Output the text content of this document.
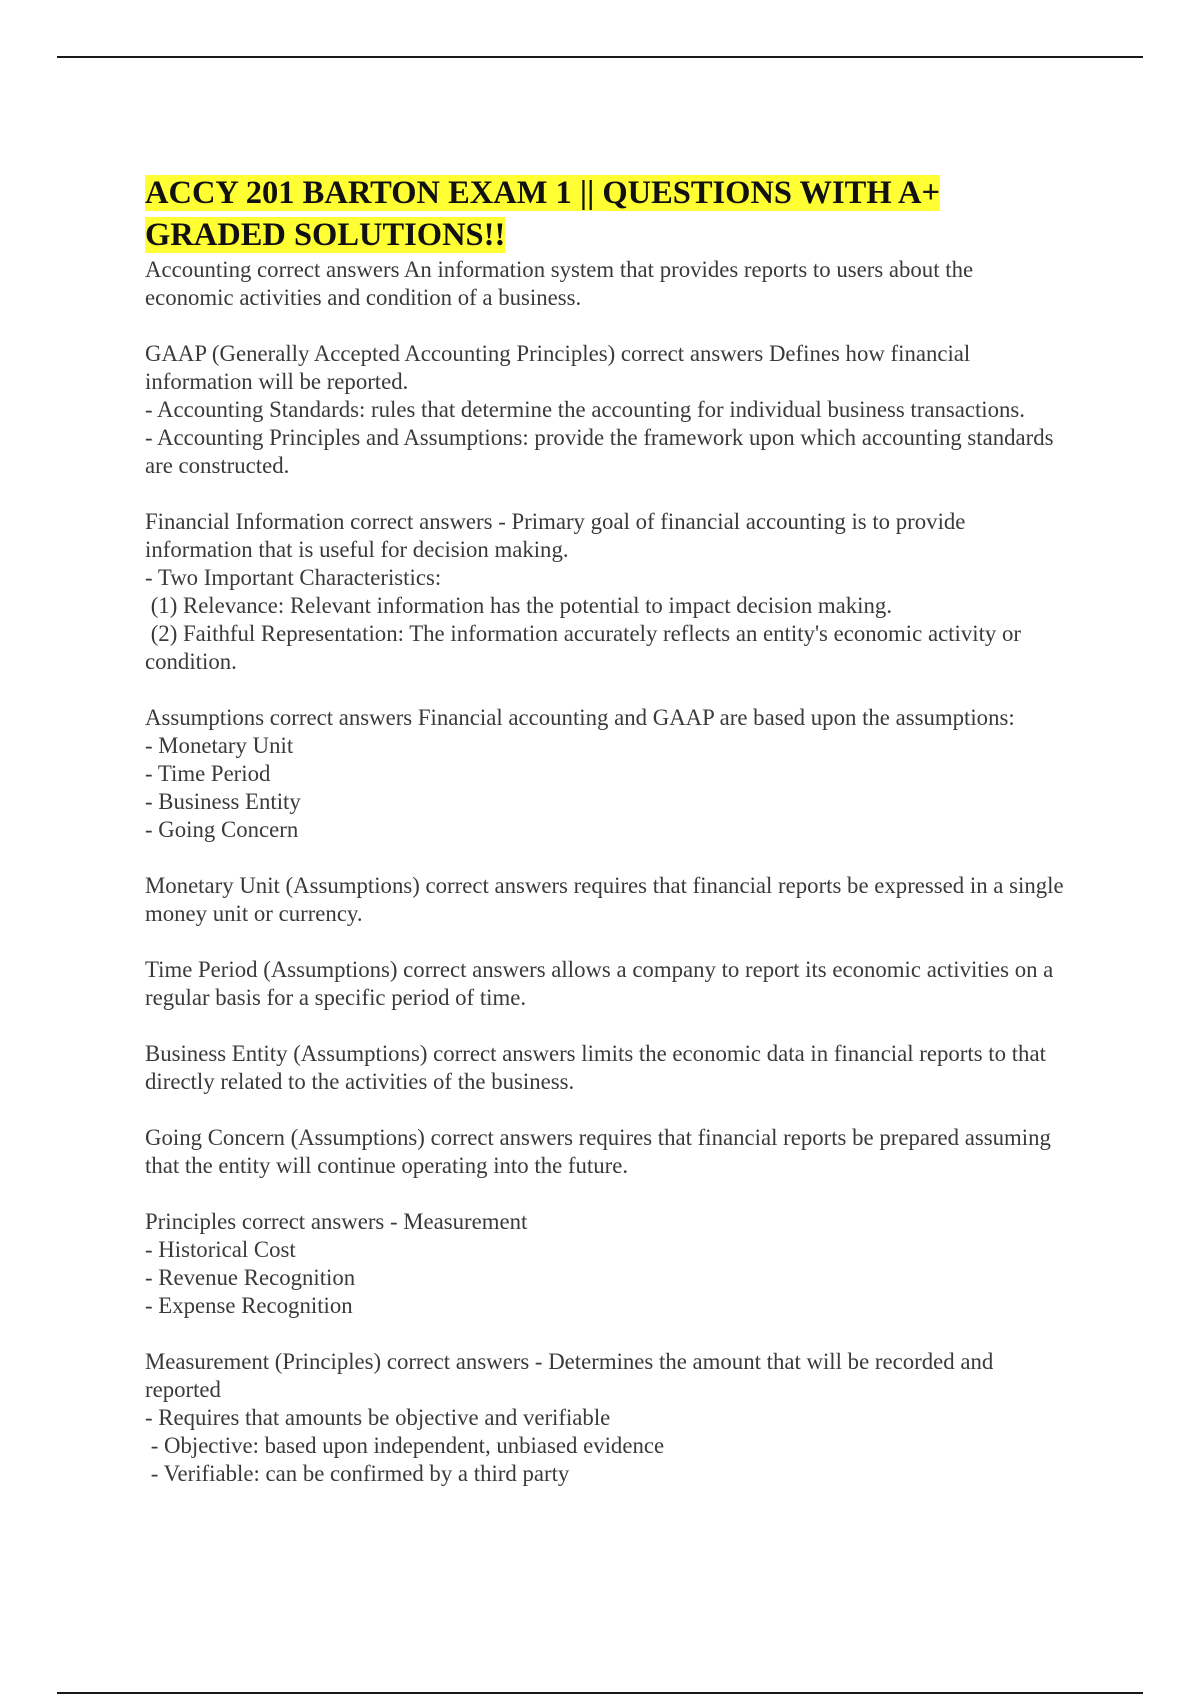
ACCY 201 BARTON EXAM 1 || QUESTIONS WITH A+ GRADED SOLUTIONS!!

Accounting correct answers An information system that provides reports to users about the economic activities and condition of a business.

GAAP (Generally Accepted Accounting Principles) correct answers Defines how financial information will be reported.

- Accounting Standards: rules that determine the accounting for individual business transactions.

- Accounting Principles and Assumptions: provide the framework upon which accounting standards are constructed.

Financial Information correct answers - Primary goal of financial accounting is to provide information that is useful for decision making.

- Two Important Characteristics:

(1) Relevance: Relevant information has the potential to impact decision making.

(2) Faithful Representation: The information accurately reflects an entity's economic activity or condition.

Assumptions correct answers Financial accounting and GAAP are based upon the assumptions:

- Monetary Unit

- Time Period

- Business Entity

- Going Concern

Monetary Unit (Assumptions) correct answers requires that financial reports be expressed in a single money unit or currency.

Time Period (Assumptions) correct answers allows a company to report its economic activities on a regular basis for a specific period of time.

Business Entity (Assumptions) correct answers limits the economic data in financial reports to that directly related to the activities of the business.

Going Concern (Assumptions) correct answers requires that financial reports be prepared assuming that the entity will continue operating into the future.

Principles correct answers - Measurement

- Historical Cost

- Revenue Recognition

- Expense Recognition

Measurement (Principles) correct answers - Determines the amount that will be recorded and reported

- Requires that amounts be objective and verifiable

- Objective: based upon independent, unbiased evidence

- Verifiable: can be confirmed by a third party
